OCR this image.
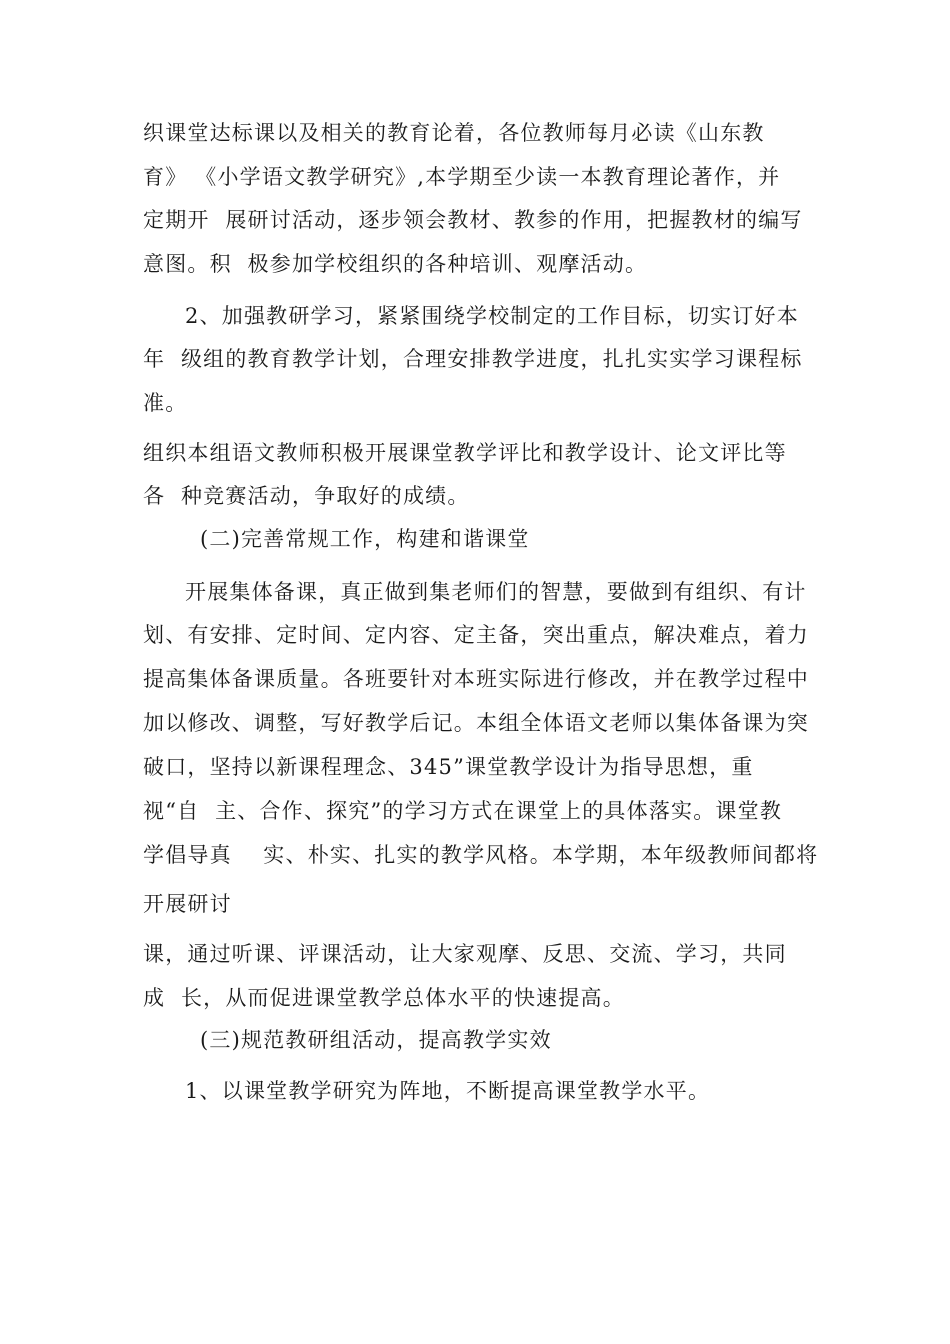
织课堂达标课以及相关的教育论着，各位教师每月必读《山东教
育》 《小学语文教学研究》,本学期至少读一本教育理论著作，并
定期开  展研讨活动，逐步领会教材、教参的作用，把握教材的编写
意图。积  极参加学校组织的各种培训、观摩活动。
2、加强教研学习，紧紧围绕学校制定的工作目标，切实订好本
年  级组的教育教学计划，合理安排教学进度，扎扎实实学习课程标
准。
组织本组语文教师积极开展课堂教学评比和教学设计、论文评比等
各  种竞赛活动，争取好的成绩。
(二)完善常规工作，构建和谐课堂
开展集体备课，真正做到集老师们的智慧，要做到有组织、有计
划、有安排、定时间、定内容、定主备，突出重点，解决难点，着力
提高集体备课质量。各班要针对本班实际进行修改，并在教学过程中
加以修改、调整，写好教学后记。本组全体语文老师以集体备课为突
破口，坚持以新课程理念、345”课堂教学设计为指导思想，重
视“自  主、合作、探究”的学习方式在课堂上的具体落实。课堂教
学倡导真    实、朴实、扎实的教学风格。本学期，本年级教师间都将
开展研讨
课，通过听课、评课活动，让大家观摩、反思、交流、学习，共同
成  长，从而促进课堂教学总体水平的快速提高。
(三)规范教研组活动，提高教学实效
1、以课堂教学研究为阵地，不断提高课堂教学水平。
